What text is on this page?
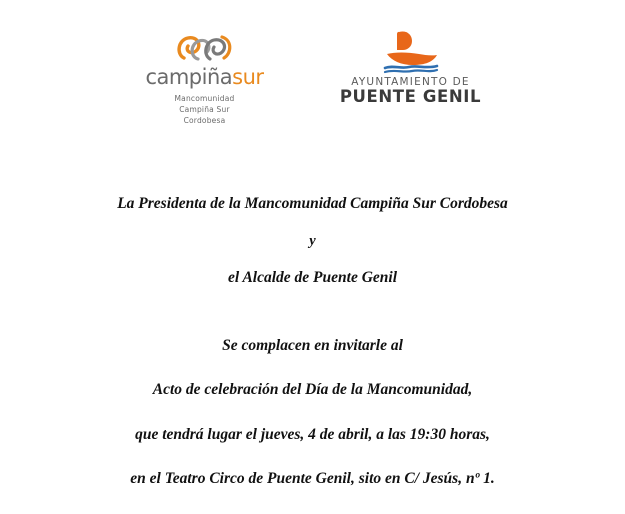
campiñasur
Mancomunidad
Campiña Sur
Cordobesa
AYUNTAMIENTO DE
PUENTE GENIL
La Presidenta de la Mancomunidad Campiña Sur Cordobesa
y
el Alcalde de Puente Genil
Se complacen en invitarle al
Acto de celebración del Día de la Mancomunidad,
que tendrá lugar el jueves, 4 de abril, a las 19:30 horas,
en el Teatro Circo de Puente Genil, sito en C/ Jesús, nº 1.
